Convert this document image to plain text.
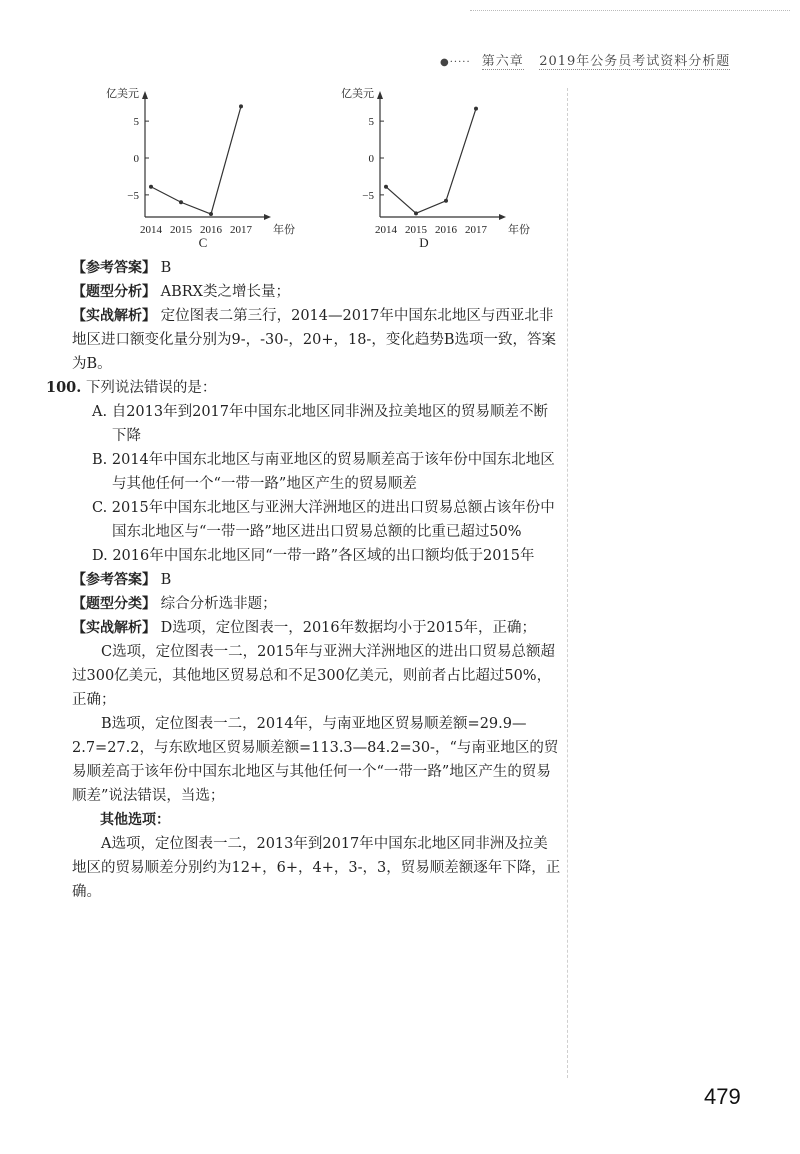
●····· 第六章 2019年公务员考试资料分析题
亿美元
5
0
−5
2014 2015 2016 2017 年份
C
亿美元
5
0
−5
2014 2015 2016 2017 年份
D

【参考答案】 B

【题型分析】 ABRX类之增长量；

【实战解析】 定位图表二第三行，2014—2017年中国东北地区与西亚北非地区进口额变化量分别为9-，-30-，20+，18-，变化趋势B选项一致，答案为B。

100. 下列说法错误的是：

A. 自2013年到2017年中国东北地区同非洲及拉美地区的贸易顺差不断下降

B. 2014年中国东北地区与南亚地区的贸易顺差高于该年份中国东北地区与其他任何一个“一带一路”地区产生的贸易顺差

C. 2015年中国东北地区与亚洲大洋洲地区的进出口贸易总额占该年份中国东北地区与“一带一路”地区进出口贸易总额的比重已超过50%

D. 2016年中国东北地区同“一带一路”各区域的出口额均低于2015年

【参考答案】 B

【题型分类】 综合分析选非题；

【实战解析】 D选项，定位图表一，2016年数据均小于2015年，正确；

C选项，定位图表一二，2015年与亚洲大洋洲地区的进出口贸易总额超过300亿美元，其他地区贸易总和不足300亿美元，则前者占比超过50%，正确；

B选项，定位图表一二，2014年，与南亚地区贸易顺差额=29.9—2.7=27.2，与东欧地区贸易顺差额=113.3—84.2=30-，“与南亚地区的贸易顺差高于该年份中国东北地区与其他任何一个“一带一路”地区产生的贸易顺差”说法错误，当选；

其他选项：

A选项，定位图表一二，2013年到2017年中国东北地区同非洲及拉美地区的贸易顺差分别约为12+，6+，4+，3-，3，贸易顺差额逐年下降，正确。

479
